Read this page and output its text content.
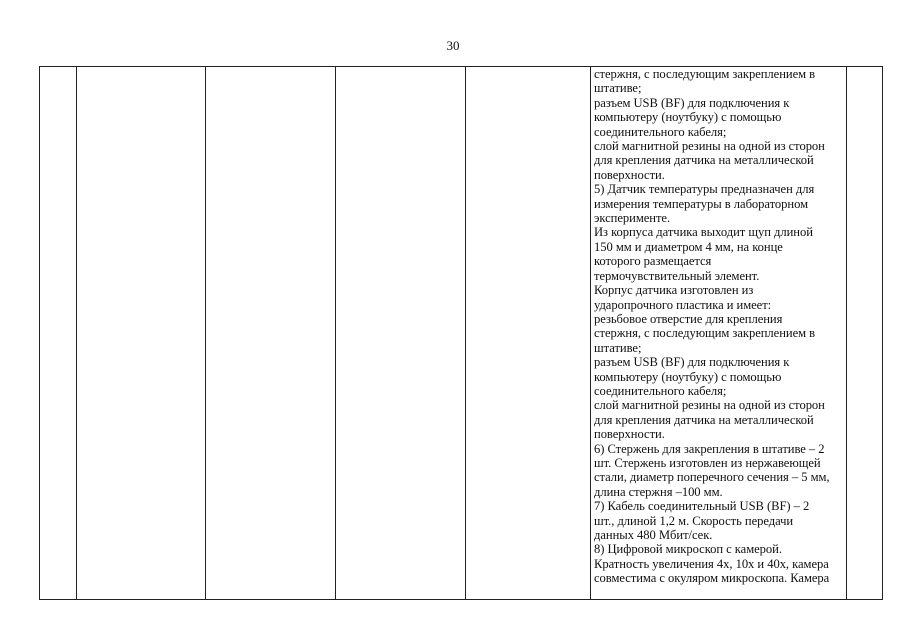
30
стержня, с последующим закреплением в
штативе;
разъем USB (BF) для подключения к
компьютеру (ноутбуку) с помощью
соединительного кабеля;
слой магнитной резины на одной из сторон
для крепления датчика на металлической
поверхности.
5) Датчик температуры предназначен для
измерения температуры в лабораторном
эксперименте.
Из корпуса датчика выходит щуп длиной
150 мм и диаметром 4 мм, на конце
которого размещается
термочувствительный элемент.
Корпус датчика изготовлен из
ударопрочного пластика и имеет:
резьбовое отверстие для крепления
стержня, с последующим закреплением в
штативе;
разъем USB (BF) для подключения к
компьютеру (ноутбуку) с помощью
соединительного кабеля;
слой магнитной резины на одной из сторон
для крепления датчика на металлической
поверхности.
6) Стержень для закрепления в штативе – 2
шт. Стержень изготовлен из нержавеющей
стали, диаметр поперечного сечения – 5 мм,
длина стержня –100 мм.
7) Кабель соединительный USB (BF) – 2
шт., длиной 1,2 м. Скорость передачи
данных 480 Мбит/сек.
8) Цифровой микроскоп с камерой.
Кратность увеличения 4x, 10x и 40x, камера
совместима с окуляром микроскопа. Камера
